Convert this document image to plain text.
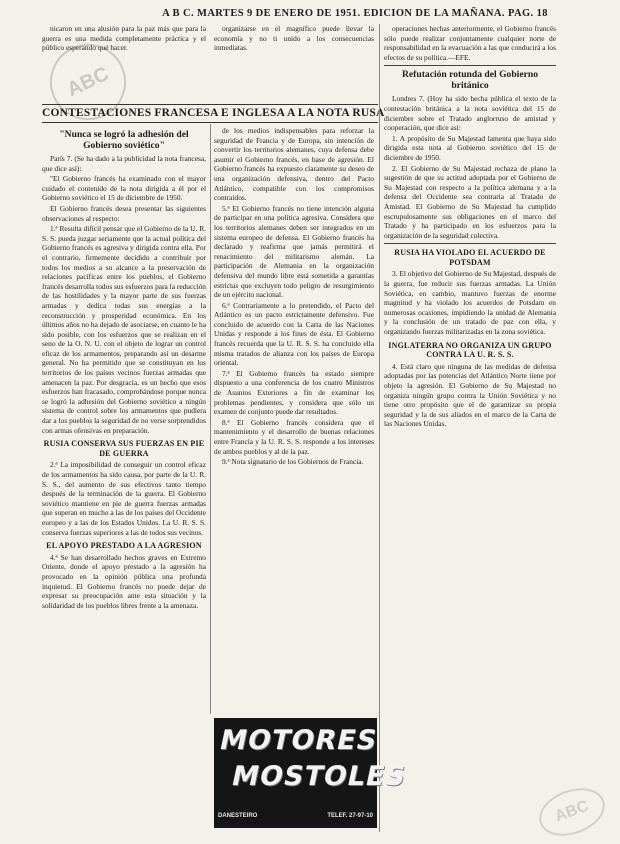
A B C. MARTES 9 DE ENERO DE 1951. EDICION DE LA MAÑANA. PAG. 18
ABC
ABC

nicaron en una alusión para la paz más que para la guerra es una medida completamente práctica y el público esperando qué hacer.

organizarse en el magnífico puede llevar la economía y no ti unido a los consecuencias inmediatas.

CONTESTACIONES FRANCESA E INGLESA A LA NOTA RUSA
"Nunca se logró la adhesión del Gobierno soviético"

París 7. (Se ha dado a la publicidad la nota francesa, que dice así):

"El Gobierno francés ha examinado con el mayor cuidado el contenido de la nota dirigida a él por el Gobierno soviético el 15 de diciembre de 1950.

El Gobierno francés desea presentar las siguientes observaciones al respecto:

1.ª Resulta difícil pensar que el Gobierno de la U. R. S. S. pueda juzgar seriamente que la actual política del Gobierno francés es agresiva y dirigida contra ella. Por el contrario, firmemente decidido a contribuir por todos los medios a su alcance a la preservación de relaciones pacíficas entre los pueblos, el Gobierno francés desarrolla todos sus esfuerzos para la reducción de las hostilidades y la mayor parte de sus fuerzas armadas y dedica todas sus energías a la reconstrucción y prosperidad económica. En los últimos años no ha dejado de asociarse, en cuanto le ha sido posible, con los esfuerzos que se realizan en el seno de la O. N. U. con el objeto de lograr un control eficaz de los armamentos, preparando así un desarme general. No ha permitido que se constituyan en los territorios de los países vecinos fuerzas armadas que amenacen la paz. Por desgracia, es un hecho que esos esfuerzos han fracasado, comprobándose porque nunca se logró la adhesión del Gobierno soviético a ningún sistema de control sobre los armamentos que pudiera dar a los pueblos la seguridad de no verse sorprendidos con armas ofensivas en preparación.

RUSIA CONSERVA SUS FUERZAS EN PIE DE GUERRA

2.ª La imposibilidad de conseguir un control eficaz de los armamentos ha sido causa, por parte de la U. R. S. S., del aumento de sus efectivos tanto tiempo después de la terminación de la guerra. El Gobierno soviético mantiene en pie de guerra fuerzas armadas que superan en mucho a las de los países del Occidente europeo y a las de los Estados Unidos. La U. R. S. S. conserva fuerzas superiores a las de todos sus vecinos.

EL APOYO PRESTADO A LA AGRESION

4.ª Se han desarrollado hechos graves en Extremo Oriente, donde el apoyo prestado a la agresión ha provocado en la opinión pública una profunda inquietud. El Gobierno francés no puede dejar de expresar su preocupación ante esta situación y la solidaridad de los pueblos libres frente a la amenaza.

de los medios indispensables para reforzar la seguridad de Francia y de Europa, sin intención de convertir los territorios alemanes, cuya defensa debe asumir el Gobierno francés, en base de agresión. El Gobierno francés ha expuesto claramente su deseo de una organización defensiva, dentro del Pacto Atlántico, compatible con los compromisos contraídos.

5.ª El Gobierno francés no tiene intención alguna de participar en una política agresiva. Considera que los territorios alemanes deben ser integrados en un sistema europeo de defensa. El Gobierno francés ha declarado y reafirma que jamás permitirá el renacimiento del militarismo alemán. La participación de Alemania en la organización defensiva del mundo libre está sometida a garantías estrictas que excluyen todo peligro de resurgimiento de un ejército nacional.

6.ª Contrariamente a lo pretendido, el Pacto del Atlántico es un pacto estrictamente defensivo. Fue concluido de acuerdo con la Carta de las Naciones Unidas y responde a los fines de ésta. El Gobierno francés recuerda que la U. R. S. S. ha concluido ella misma tratados de alianza con los países de Europa oriental.

7.ª El Gobierno francés ha estado siempre dispuesto a una conferencia de los cuatro Ministros de Asuntos Exteriores a fin de examinar los problemas pendientes, y considera que sólo un examen de conjunto puede dar resultados.

8.ª El Gobierno francés considera que el mantenimiento y el desarrollo de buenas relaciones entre Francia y la U. R. S. S. responde a los intereses de ambos pueblos y al de la paz.

9.ª Nota signatario de los Gobiernos de Francia.

MOTORES
MOSTOLES
DANESTEIRO	TELEF. 27-97-10

operaciones hechas anteriormente, el Gobierno francés sólo puede realizar conjuntamente cualquier norte de responsabilidad en la evacuación a las que conducirá a los efectos de su política.—EFE.

Refutación rotunda del Gobierno británico

Londres 7. (Hoy ha sido hecha pública el texto de la contestación británica a la nota soviética del 15 de diciembre sobre el Tratado anglorruso de amistad y cooperación, que dice así:

1. A propósito de Su Majestad lamenta que haya sido dirigida esta nota al Gobierno soviético del 15 de diciembre de 1950.

2. El Gobierno de Su Majestad rechaza de plano la sugestión de que su actitud adoptada por el Gobierno de Su Majestad con respecto a la política alemana y a la defensa del Occidente sea contraria al Tratado de Amistad. El Gobierno de Su Majestad ha cumplido escrupulosamente sus obligaciones en el marco del Tratado y ha participado en los esfuerzos para la organización de la seguridad colectiva.

RUSIA HA VIOLADO EL ACUERDO DE POTSDAM

3. El objetivo del Gobierno de Su Majestad, después de la guerra, fue reducir sus fuerzas armadas. La Unión Soviética, en cambio, mantuvo fuerzas de enorme magnitud y ha violado los acuerdos de Potsdam en numerosas ocasiones, impidiendo la unidad de Alemania y la conclusión de un tratado de paz con ella, y organizando fuerzas militarizadas en la zona soviética.

INGLATERRA NO ORGANIZA UN GRUPO CONTRA LA U. R. S. S.

4. Está claro que ninguna de las medidas de defensa adoptadas por las potencias del Atlántico Norte tiene por objeto la agresión. El Gobierno de Su Majestad no organiza ningún grupo contra la Unión Soviética y no tiene otro propósito que el de garantizar su propia seguridad y la de sus aliados en el marco de la Carta de las Naciones Unidas.
